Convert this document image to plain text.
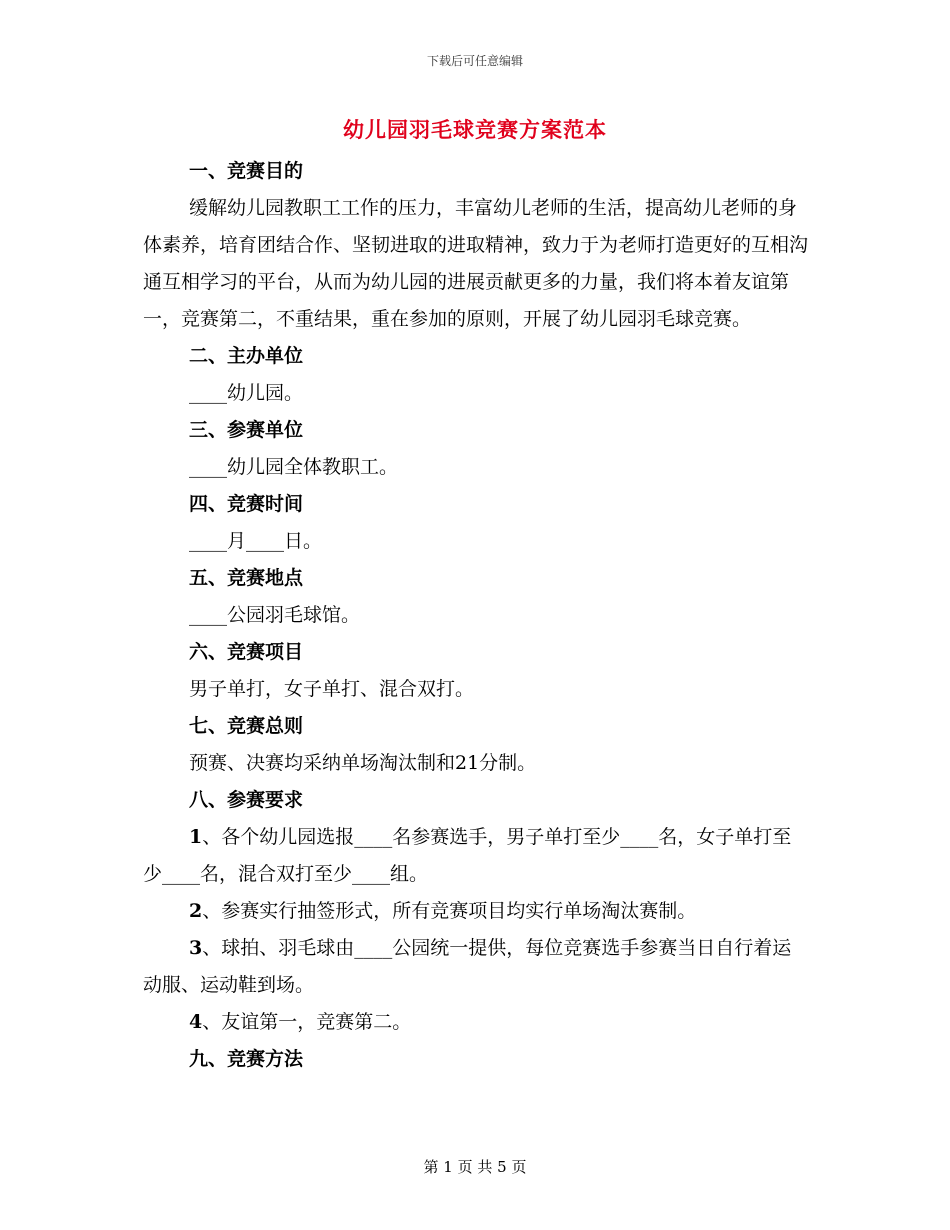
下载后可任意编辑
幼儿园羽毛球竞赛方案范本

一、竞赛目的

缓解幼儿园教职工工作的压力，丰富幼儿老师的生活，提高幼儿老师的身体素养，培育团结合作、坚韧进取的进取精神，致力于为老师打造更好的互相沟通互相学习的平台，从而为幼儿园的进展贡献更多的力量，我们将本着友谊第一，竞赛第二，不重结果，重在参加的原则，开展了幼儿园羽毛球竞赛。

二、主办单位

____幼儿园。

三、参赛单位

____幼儿园全体教职工。

四、竞赛时间

____月____日。

五、竞赛地点

____公园羽毛球馆。

六、竞赛项目

男子单打，女子单打、混合双打。

七、竞赛总则

预赛、决赛均采纳单场淘汰制和21分制。

八、参赛要求

1、各个幼儿园选报____名参赛选手，男子单打至少____名，女子单打至少____名，混合双打至少____组。

2、参赛实行抽签形式，所有竞赛项目均实行单场淘汰赛制。

3、球拍、羽毛球由____公园统一提供，每位竞赛选手参赛当日自行着运动服、运动鞋到场。

4、友谊第一，竞赛第二。

九、竞赛方法

第 1 页 共 5 页
